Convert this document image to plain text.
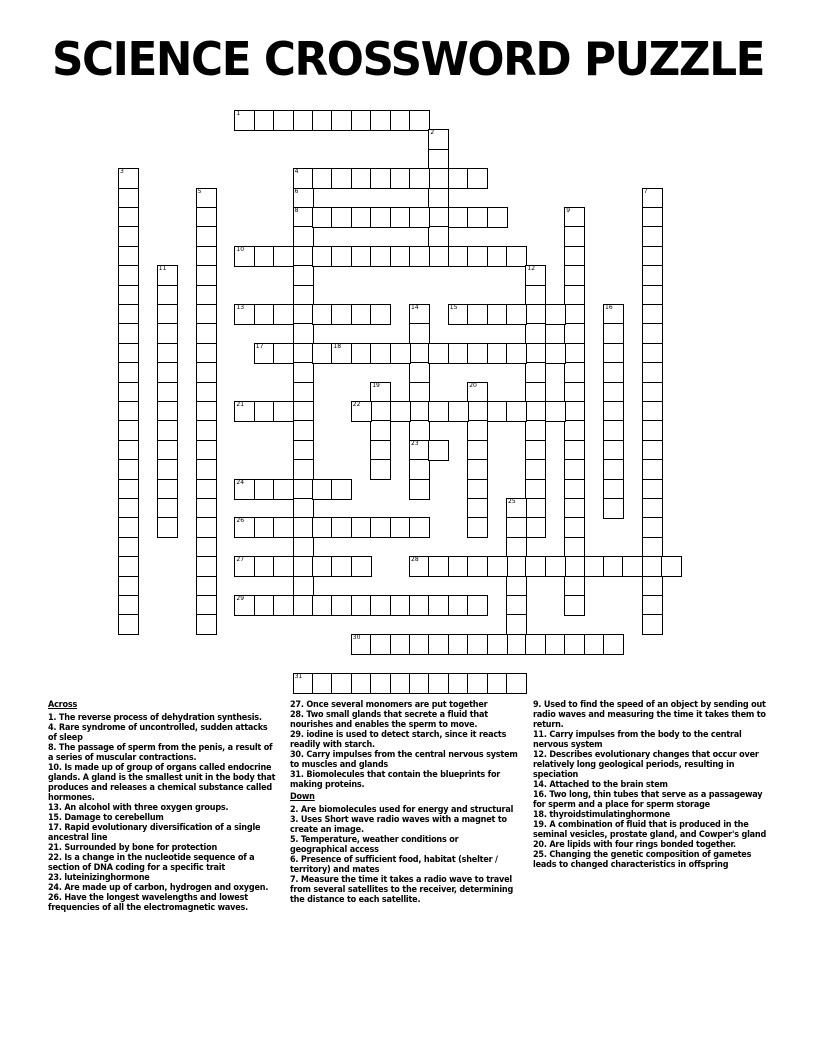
SCIENCE CROSSWORD PUZZLE
1
2
3	4
5	6
8
7
9
10
11	12
13	14
23
15	16
17	18
19	20
21	22
24
25
26
27	28
29
30
31
Across
1. The reverse process of dehydration synthesis.
4. Rare syndrome of uncontrolled, sudden attacks of sleep
8. The passage of sperm from the penis, a result of a series of muscular contractions.
10. Is made up of group of organs called endocrine glands. A gland is the smallest unit in the body that produces and releases a chemical substance called hormones.
13. An alcohol with three oxygen groups.
15. Damage to cerebellum
17. Rapid evolutionary diversification of a single ancestral line
21. Surrounded by bone for protection
22. Is a change in the nucleotide sequence of a section of DNA coding for a specific trait
23. luteinizinghormone
24. Are made up of carbon, hydrogen and oxygen.
26. Have the longest wavelengths and lowest frequencies of all the electromagnetic waves.
27. Once several monomers are put together
28. Two small glands that secrete a fluid that nourishes and enables the sperm to move.
29. iodine is used to detect starch, since it reacts readily with starch.
30. Carry impulses from the central nervous system to muscles and glands
31. Biomolecules that contain the blueprints for making proteins.
Down
2. Are biomolecules used for energy and structural
3. Uses Short wave radio waves with a magnet to create an image.
5. Temperature, weather conditions or geographical access
6. Presence of sufficient food, habitat (shelter / territory) and mates
7. Measure the time it takes a radio wave to travel from several satellites to the receiver, determining the distance to each satellite.
9. Used to find the speed of an object by sending out radio waves and measuring the time it takes them to return.
11. Carry impulses from the body to the central nervous system
12. Describes evolutionary changes that occur over relatively long geological periods, resulting in speciation
14. Attached to the brain stem
16. Two long, thin tubes that serve as a passageway for sperm and a place for sperm storage
18. thyroidstimulatinghormone
19. A combination of fluid that is produced in the seminal vesicles, prostate gland, and Cowper's gland
20. Are lipids with four rings bonded together.
25. Changing the genetic composition of gametes leads to changed characteristics in offspring
